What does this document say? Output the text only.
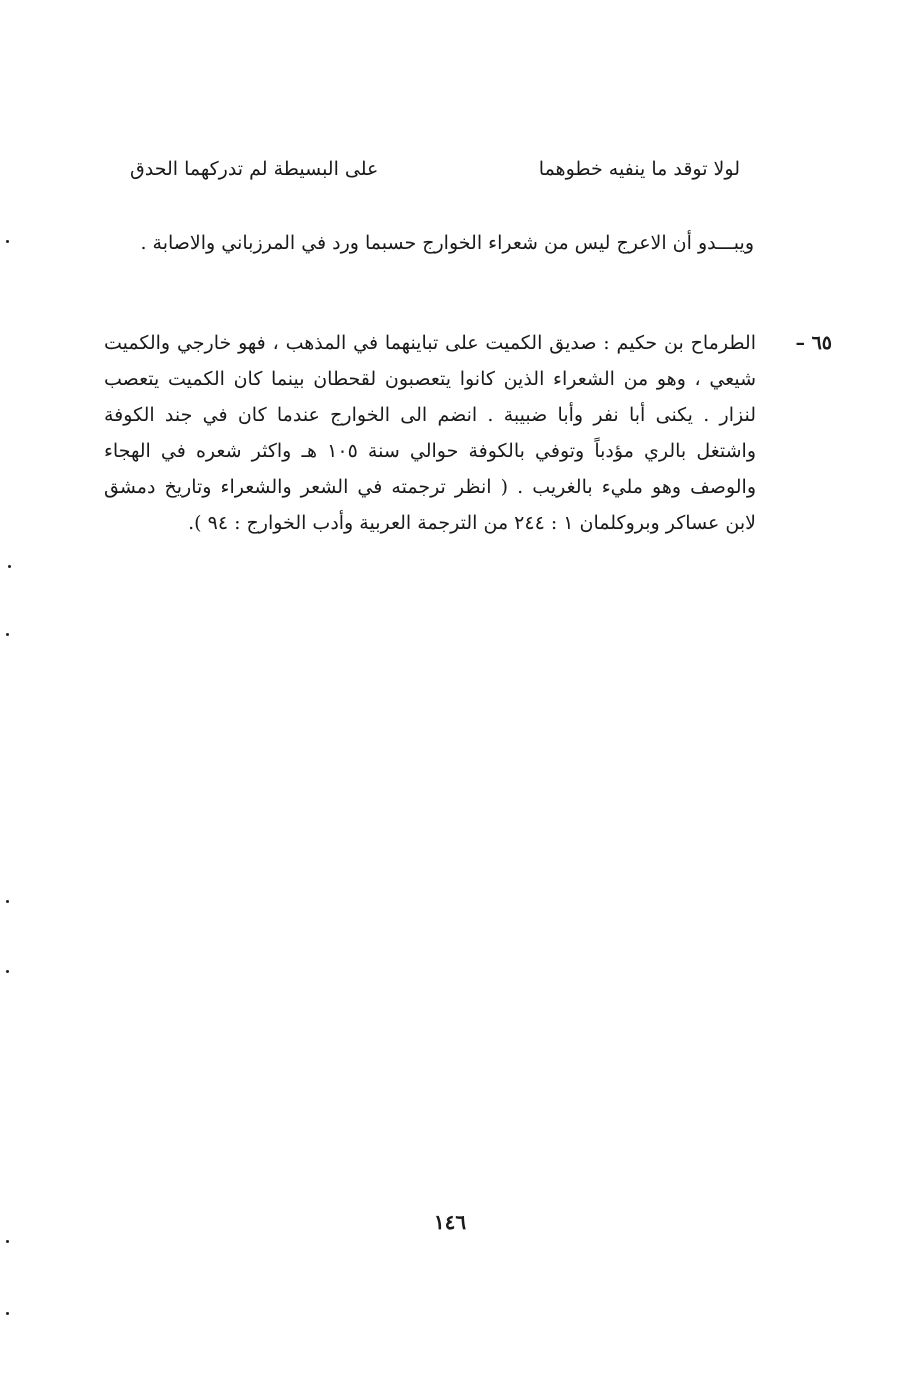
لولا توقد ما ينفيه خطوهما
على البسيطة لم تدركهما الحدق
ويبـــدو أن الاعرج ليس من شعراء الخوارج حسبما ورد في المرزباني والاصابة .
٦٥ –
الطرماح بن حكيم : صديق الكميت على تباينهما في المذهب ، فهو خارجي والكميت شيعي ، وهو من الشعراء الذين كانوا يتعصبون لقحطان بينما كان الكميت يتعصب لنزار . يكنى أبا نفر وأبا ضبيبة . انضم الى الخوارج عندما كان في جند الكوفة واشتغل بالري مؤدباً وتوفي بالكوفة حوالي سنة ١٠٥ هـ واكثر شعره في الهجاء والوصف وهو مليء بالغريب . ( انظر ترجمته في الشعر والشعراء وتاريخ دمشق لابن عساكر وبروكلمان ١ : ٢٤٤ من الترجمة العربية وأدب الخوارج : ٩٤ ).
١٤٦
